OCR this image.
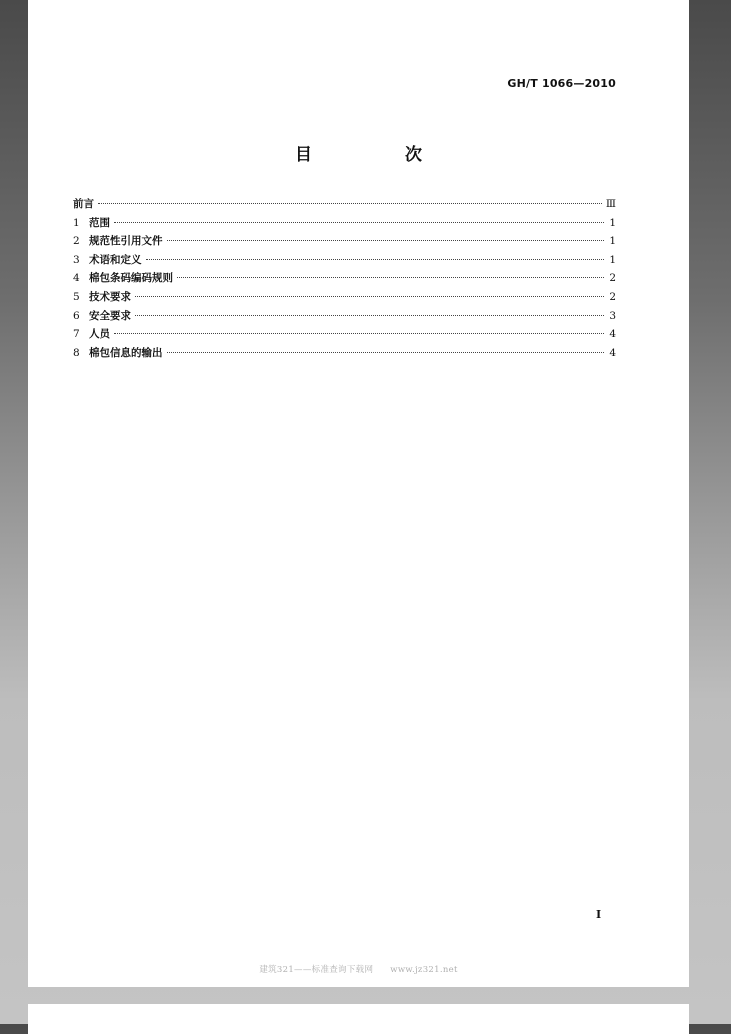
GH/T 1066—2010
目　次
前言	Ⅲ
1 范围	1
2 规范性引用文件	1
3 术语和定义	1
4 棉包条码编码规则	2
5 技术要求	2
6 安全要求	3
7 人员	4
8 棉包信息的输出	4
I
建筑321——标准查询下载网 www.jz321.net
